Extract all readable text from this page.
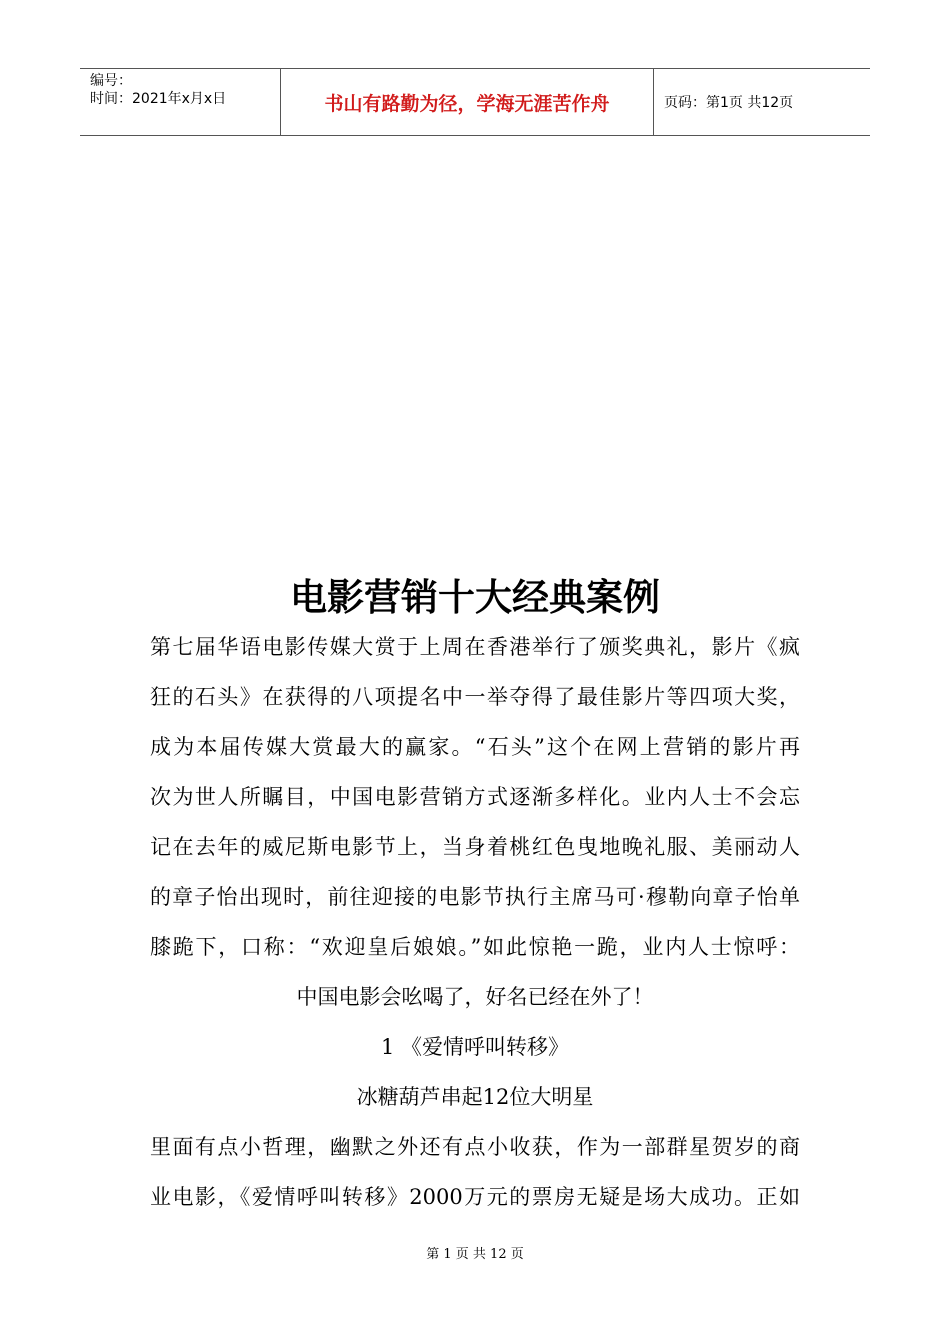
编号：
时间：2021年x月x日	书山有路勤为径，学海无涯苦作舟	页码：第1页 共12页
电影营销十大经典案例
第七届华语电影传媒大赏于上周在香港举行了颁奖典礼，影片《疯
狂的石头》在获得的八项提名中一举夺得了最佳影片等四项大奖，
成为本届传媒大赏最大的赢家。“石头”这个在网上营销的影片再
次为世人所瞩目，中国电影营销方式逐渐多样化。业内人士不会忘
记在去年的威尼斯电影节上，当身着桃红色曳地晚礼服、美丽动人
的章子怡出现时，前往迎接的电影节执行主席马可·穆勒向章子怡单
膝跪下，口称：“欢迎皇后娘娘。”如此惊艳一跪，业内人士惊呼：
中国电影会吆喝了，好名已经在外了！
1 《爱情呼叫转移》
冰糖葫芦串起12位大明星
里面有点小哲理，幽默之外还有点小收获，作为一部群星贺岁的商
业电影，《爱情呼叫转移》2000万元的票房无疑是场大成功。正如
第 1 页 共 12 页
